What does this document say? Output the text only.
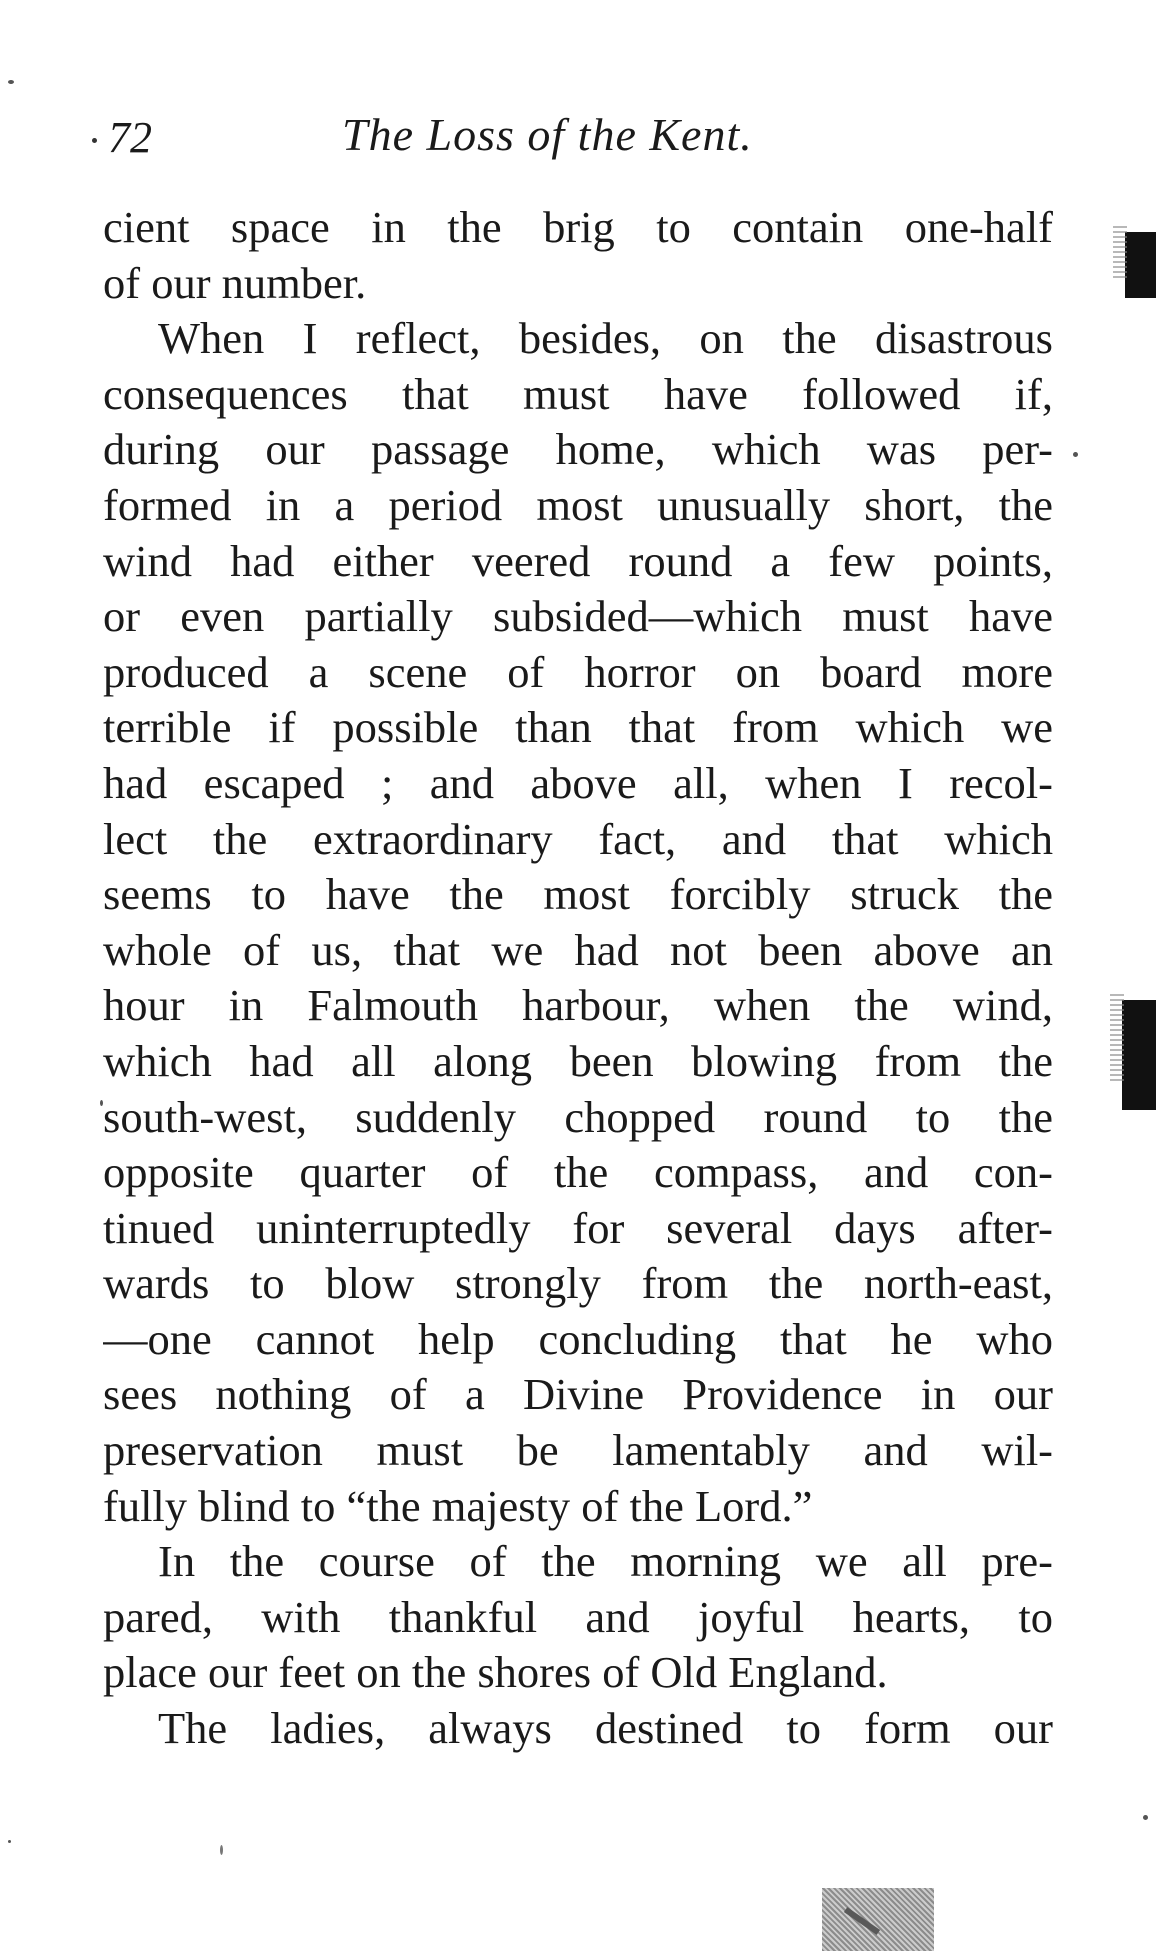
72	The Loss of the Kent.
cient space in the brig to contain one-half
of our number.
When I reflect, besides, on the disastrous
consequences that must have followed if,
during our passage home, which was per-
formed in a period most unusually short, the
wind had either veered round a few points,
or even partially subsided—which must have
produced a scene of horror on board more
terrible if possible than that from which we
had escaped ; and above all, when I recol-
lect the extraordinary fact, and that which
seems to have the most forcibly struck the
whole of us, that we had not been above an
hour in Falmouth harbour, when the wind,
which had all along been blowing from the
south-west, suddenly chopped round to the
opposite quarter of the compass, and con-
tinued uninterruptedly for several days after-
wards to blow strongly from the north-east,
—one cannot help concluding that he who
sees nothing of a Divine Providence in our
preservation must be lamentably and wil-
fully blind to “the majesty of the Lord.”
In the course of the morning we all pre-
pared, with thankful and joyful hearts, to
place our feet on the shores of Old England.
The ladies, always destined to form our
